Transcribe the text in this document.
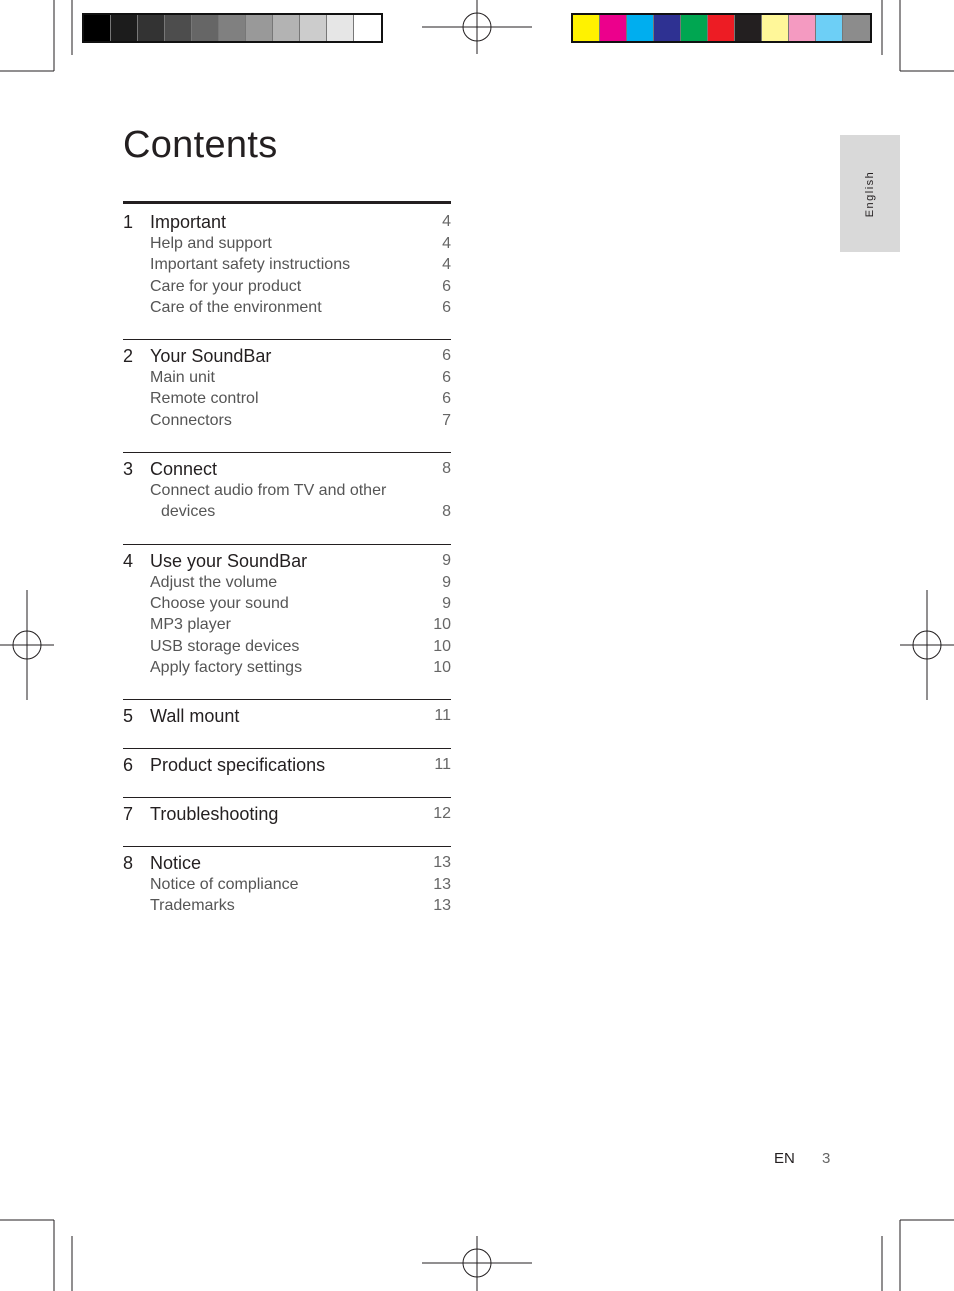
Contents
English
1 Important	4
Help and support	4
Important safety instructions	4
Care for your product	6
Care of the environment	6
2 Your SoundBar	6
Main unit	6
Remote control	6
Connectors	7
3 Connect	8
Connect audio from TV and other
devices	8
4 Use your SoundBar	9
Adjust the volume	9
Choose your sound	9
MP3 player	10
USB storage devices	10
Apply factory settings	10
5 Wall mount	11
6 Product specifications	11
7 Troubleshooting	12
8 Notice	13
Notice of compliance	13
Trademarks	13
EN 3
